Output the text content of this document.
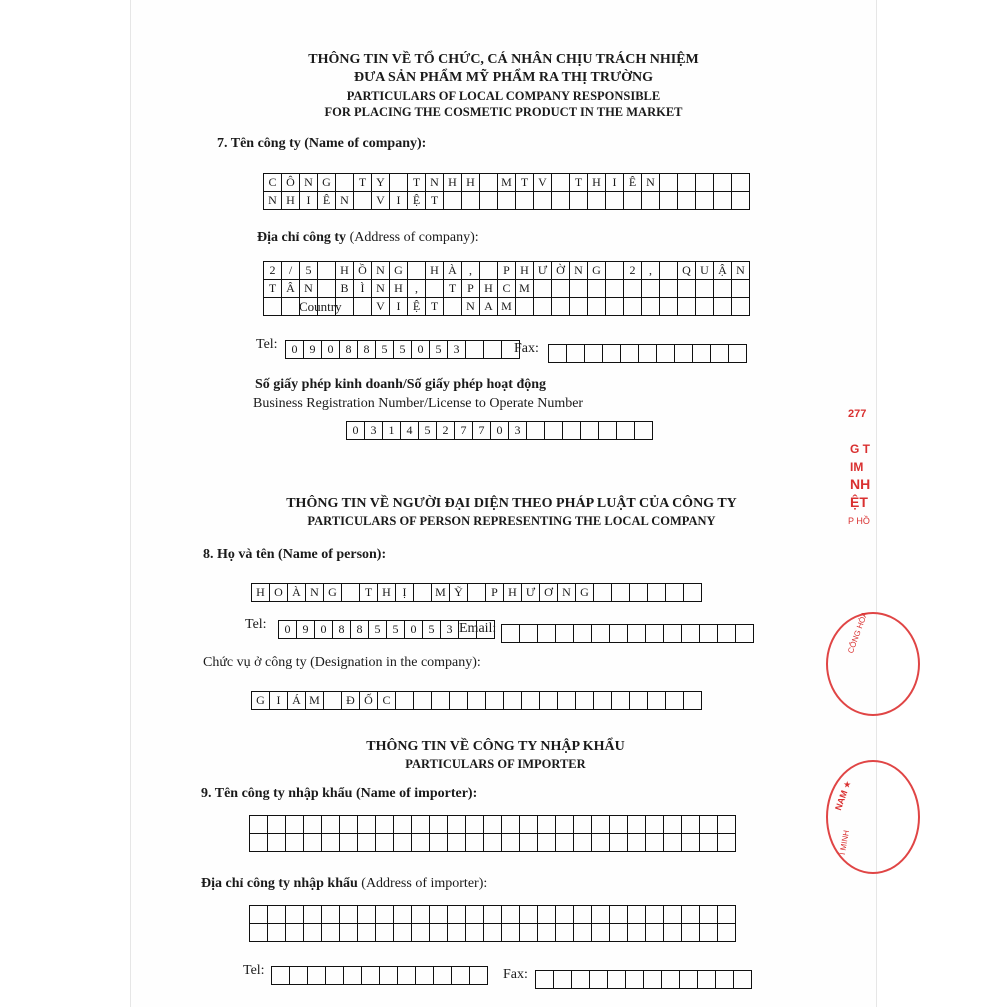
THÔNG TIN VỀ TỔ CHỨC, CÁ NHÂN CHỊU TRÁCH NHIỆM
ĐƯA SẢN PHẨM MỸ PHẨM RA THỊ TRƯỜNG
PARTICULARS OF LOCAL COMPANY RESPONSIBLE
FOR PLACING THE COSMETIC PRODUCT IN THE MARKET
7. Tên công ty (Name of company):
C Ô N G	T Y	T N H H	M T V	T H I	Ê N
N H I	Ê N	V I	Ệ T
Địa chỉ công ty (Address of company):
2	/	5	H Ồ N G	H À	,	P H Ư Ờ N G	2	,	Q U Ậ N
T Â N	B	Ì N H	,	T P H C M
V I	Ệ T	N A M
Country
Tel:	0	9	0	8	8	5	5	0	5	3	Fax:
Số giấy phép kinh doanh/Số giấy phép hoạt động
Business Registration Number/License to Operate Number
0	3	1	4	5	2	7	7	0	3
THÔNG TIN VỀ NGƯỜI ĐẠI DIỆN THEO PHÁP LUẬT CỦA CÔNG TY
PARTICULARS OF PERSON REPRESENTING THE LOCAL COMPANY
8. Họ và tên (Name of person):
H O À N G	T H Ị	M Ỹ	P H Ư Ơ N G
Tel:	0	9	0	8	8	5	5	0	5	3 Email:
Chức vụ ở công ty (Designation in the company):
G I Á M	Đ Ố C
THÔNG TIN VỀ CÔNG TY NHẬP KHẨU
PARTICULARS OF IMPORTER
9. Tên công ty nhập khẩu (Name of importer):
Địa chỉ công ty nhập khẩu (Address of importer):
Tel:	Fax:
277
G T
IM
NH
ỆT
P HỒ
CÔNG HÒA
NAM ★
Í MINH
